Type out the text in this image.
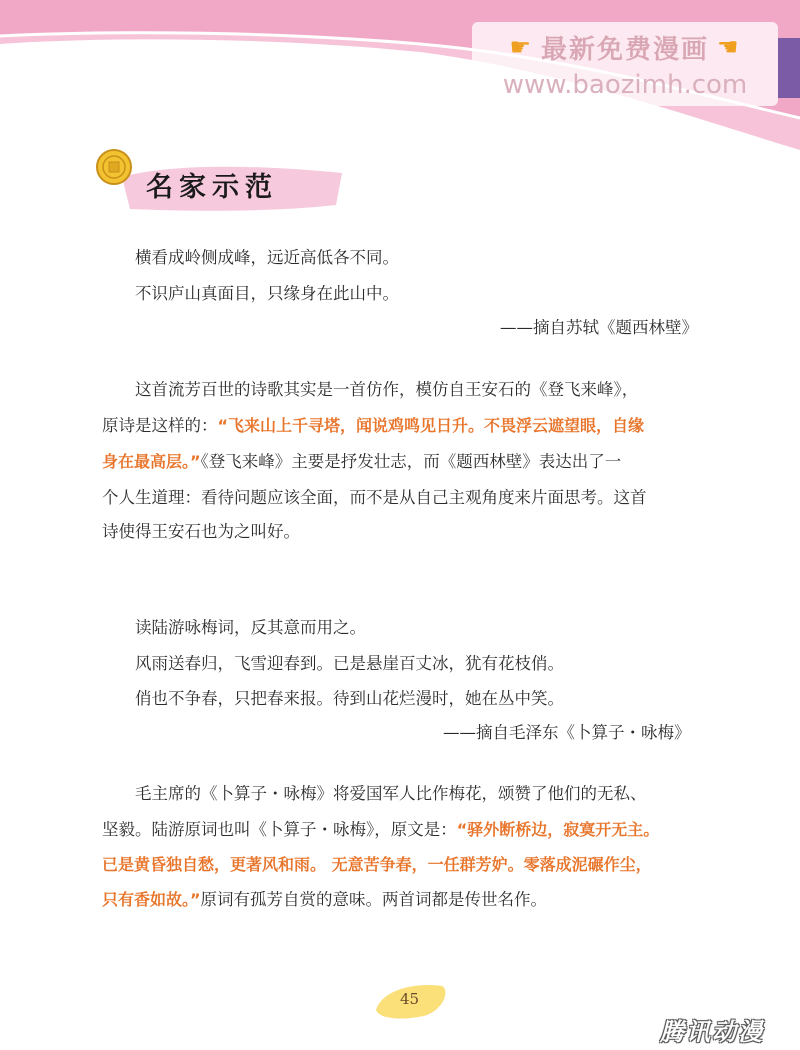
☛ 最新免费漫画 ☚
www.baozimh.com
名家示范
横看成岭侧成峰，远近高低各不同。
不识庐山真面目，只缘身在此山中。
——摘自苏轼《题西林壁》
这首流芳百世的诗歌其实是一首仿作，模仿自王安石的《登飞来峰》，
原诗是这样的：“飞来山上千寻塔，闻说鸡鸣见日升。不畏浮云遮望眼，自缘
身在最高层。”《登飞来峰》主要是抒发壮志，而《题西林壁》表达出了一
个人生道理：看待问题应该全面，而不是从自己主观角度来片面思考。这首
诗使得王安石也为之叫好。
读陆游咏梅词，反其意而用之。
风雨送春归，飞雪迎春到。已是悬崖百丈冰，犹有花枝俏。
俏也不争春，只把春来报。待到山花烂漫时，她在丛中笑。
——摘自毛泽东《卜算子・咏梅》
毛主席的《卜算子・咏梅》将爱国军人比作梅花，颂赞了他们的无私、
坚毅。陆游原词也叫《卜算子・咏梅》，原文是：“驿外断桥边，寂寞开无主。
已是黄昏独自愁，更著风和雨。 无意苦争春，一任群芳妒。零落成泥碾作尘，
只有香如故。”原词有孤芳自赏的意味。两首词都是传世名作。
45
腾讯动漫
